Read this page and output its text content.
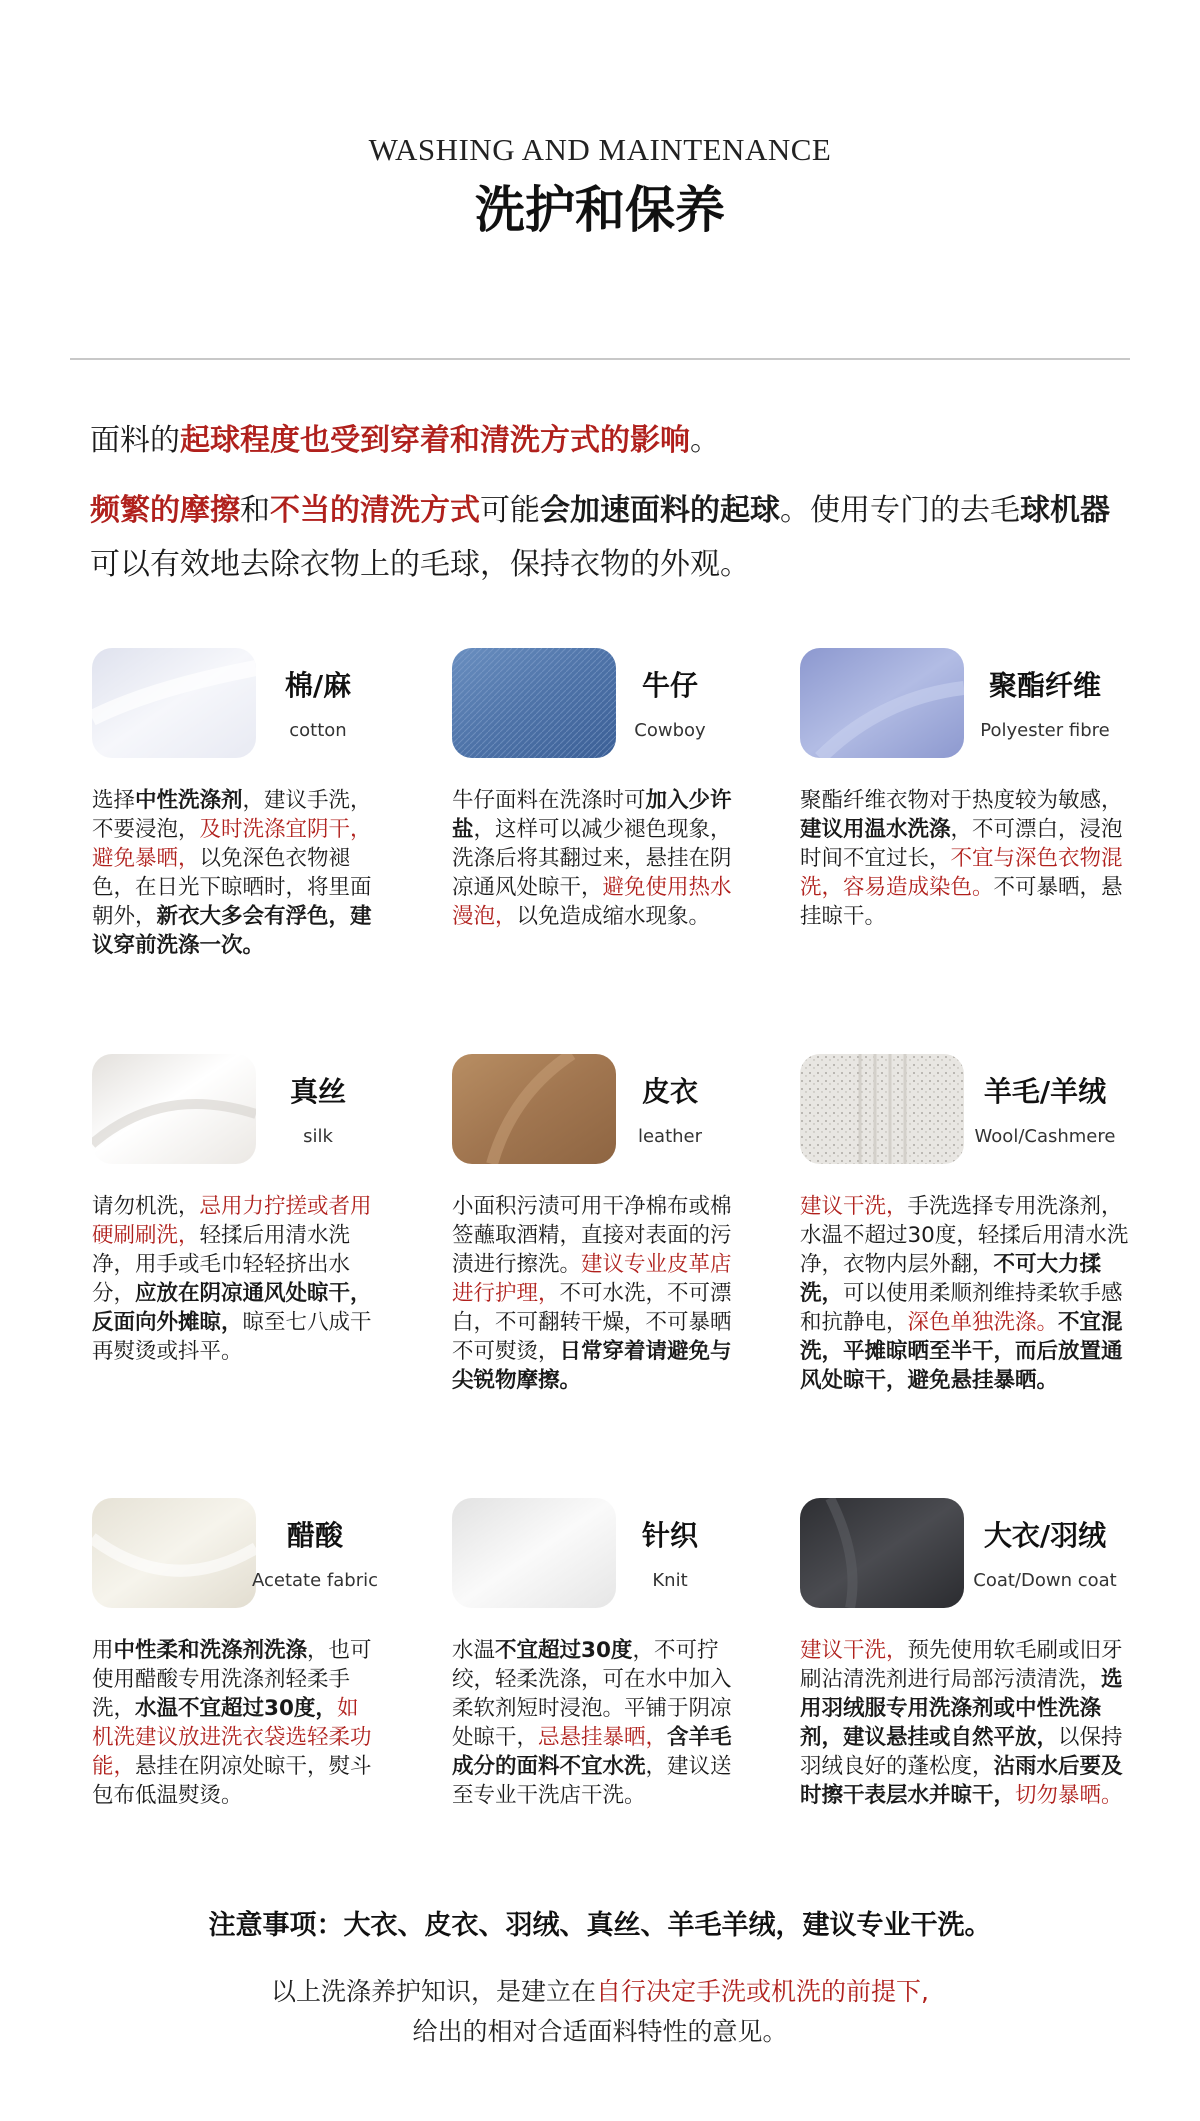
WASHING AND MAINTENANCE

洗护和保养

面料的起球程度也受到穿着和清洗方式的影响。

频繁的摩擦和不当的清洗方式可能会加速面料的起球。使用专门的去毛球机器可以有效地去除衣物上的毛球，保持衣物的外观。

棉/麻
cotton

选择中性洗涤剂，建议手洗，不要浸泡，及时洗涤宜阴干，避免暴晒，以免深色衣物褪色，在日光下晾晒时，将里面朝外，新衣大多会有浮色，建议穿前洗涤一次。

牛仔
Cowboy

牛仔面料在洗涤时可加入少许盐，这样可以减少褪色现象，洗涤后将其翻过来，悬挂在阴凉通风处晾干，避免使用热水漫泡，以免造成缩水现象。

聚酯纤维
Polyester fibre

聚酯纤维衣物对于热度较为敏感，建议用温水洗涤，不可漂白，浸泡时间不宜过长，不宜与深色衣物混洗，容易造成染色。不可暴晒，悬挂晾干。

真丝
silk

请勿机洗，忌用力拧搓或者用硬刷刷洗，轻揉后用清水洗净，用手或毛巾轻轻挤出水分，应放在阴凉通风处晾干，反面向外摊晾，晾至七八成干再熨烫或抖平。

皮衣
leather

小面积污渍可用干净棉布或棉签蘸取酒精，直接对表面的污渍进行擦洗。建议专业皮革店进行护理，不可水洗，不可漂白，不可翻转干燥，不可暴晒不可熨烫，日常穿着请避免与尖锐物摩擦。

羊毛/羊绒
Wool/Cashmere

建议干洗，手洗选择专用洗涤剂，水温不超过30度，轻揉后用清水洗净，衣物内层外翻，不可大力揉洗，可以使用柔顺剂维持柔软手感和抗静电，深色单独洗涤。不宜混洗，平摊晾晒至半干，而后放置通风处晾干，避免悬挂暴晒。

醋酸
Acetate fabric

用中性柔和洗涤剂洗涤，也可使用醋酸专用洗涤剂轻柔手洗，水温不宜超过30度，如机洗建议放进洗衣袋选轻柔功能，悬挂在阴凉处晾干，熨斗包布低温熨烫。

针织
Knit

水温不宜超过30度，不可拧绞，轻柔洗涤，可在水中加入柔软剂短时浸泡。平铺于阴凉处晾干，忌悬挂暴晒，含羊毛成分的面料不宜水洗，建议送至专业干洗店干洗。

大衣/羽绒
Coat/Down coat

建议干洗，预先使用软毛刷或旧牙刷沾清洗剂进行局部污渍清洗，选用羽绒服专用洗涤剂或中性洗涤剂，建议悬挂或自然平放，以保持羽绒良好的蓬松度，沾雨水后要及时擦干表层水并晾干，切勿暴晒。

注意事项：大衣、皮衣、羽绒、真丝、羊毛羊绒，建议专业干洗。

以上洗涤养护知识，是建立在自行决定手洗或机洗的前提下,
给出的相对合适面料特性的意见。
